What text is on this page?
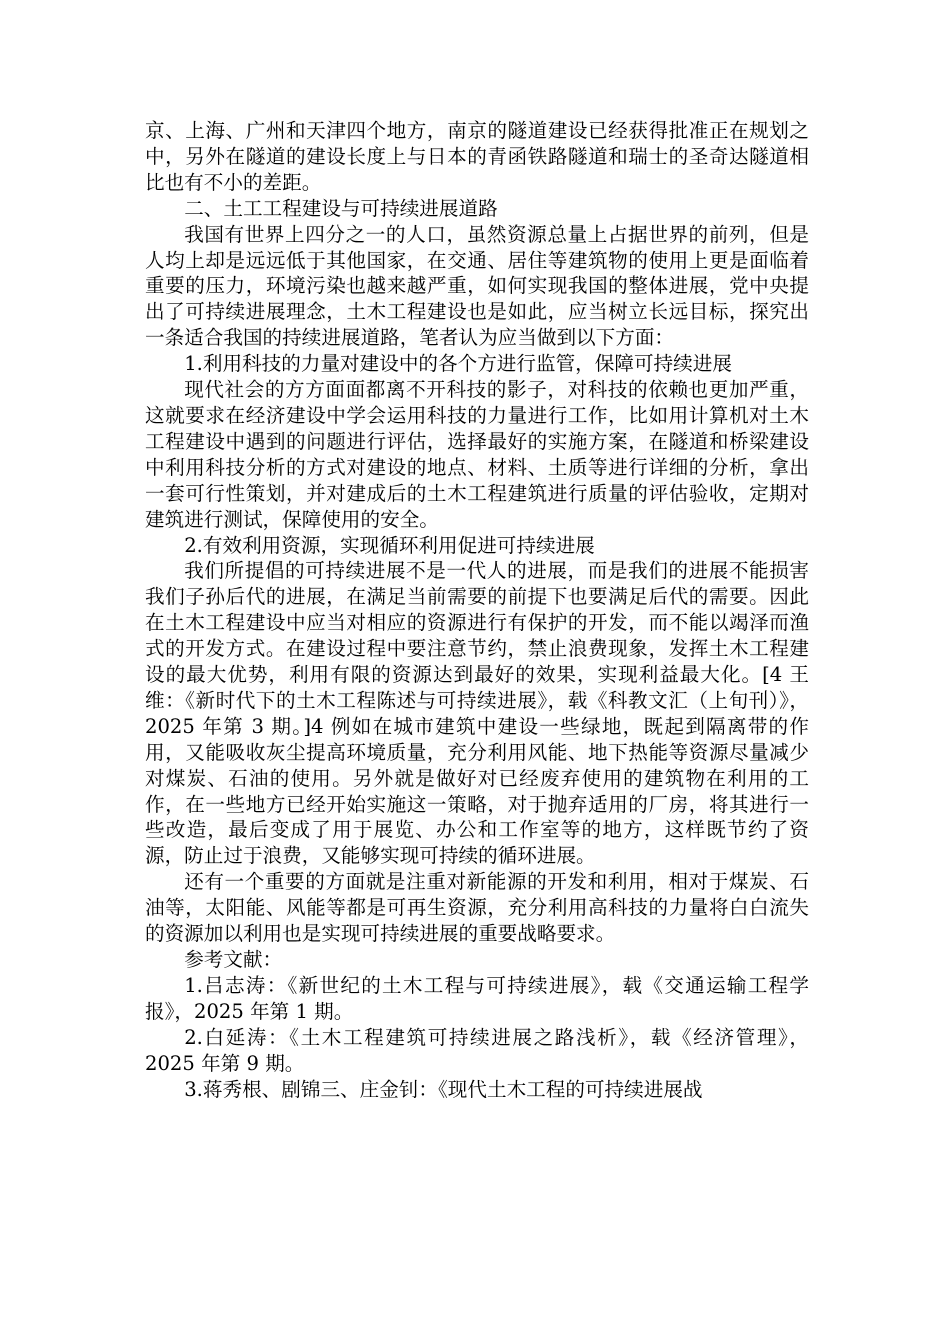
京、上海、广州和天津四个地方，南京的隧道建设已经获得批准正在规划之中，另外在隧道的建设长度上与日本的青函铁路隧道和瑞士的圣奇达隧道相比也有不小的差距。

二、土工工程建设与可持续进展道路

我国有世界上四分之一的人口，虽然资源总量上占据世界的前列，但是人均上却是远远低于其他国家，在交通、居住等建筑物的使用上更是面临着重要的压力，环境污染也越来越严重，如何实现我国的整体进展，党中央提出了可持续进展理念，土木工程建设也是如此，应当树立长远目标，探究出一条适合我国的持续进展道路，笔者认为应当做到以下方面：

1.利用科技的力量对建设中的各个方进行监管，保障可持续进展

现代社会的方方面面都离不开科技的影子，对科技的依赖也更加严重，这就要求在经济建设中学会运用科技的力量进行工作，比如用计算机对土木工程建设中遇到的问题进行评估，选择最好的实施方案，在隧道和桥梁建设中利用科技分析的方式对建设的地点、材料、土质等进行详细的分析，拿出一套可行性策划，并对建成后的土木工程建筑进行质量的评估验收，定期对建筑进行测试，保障使用的安全。

2.有效利用资源，实现循环利用促进可持续进展

我们所提倡的可持续进展不是一代人的进展，而是我们的进展不能损害我们子孙后代的进展，在满足当前需要的前提下也要满足后代的需要。因此在土木工程建设中应当对相应的资源进行有保护的开发，而不能以竭泽而渔式的开发方式。在建设过程中要注意节约，禁止浪费现象，发挥土木工程建设的最大优势，利用有限的资源达到最好的效果，实现利益最大化。[4 王维：《新时代下的土木工程陈述与可持续进展》，载《科教文汇（上旬刊）》，2025 年第 3 期。]4 例如在城市建筑中建设一些绿地，既起到隔离带的作用，又能吸收灰尘提高环境质量，充分利用风能、地下热能等资源尽量减少对煤炭、石油的使用。另外就是做好对已经废弃使用的建筑物在利用的工作，在一些地方已经开始实施这一策略，对于抛弃适用的厂房，将其进行一些改造，最后变成了用于展览、办公和工作室等的地方，这样既节约了资源，防止过于浪费，又能够实现可持续的循环进展。

还有一个重要的方面就是注重对新能源的开发和利用，相对于煤炭、石油等，太阳能、风能等都是可再生资源，充分利用高科技的力量将白白流失的资源加以利用也是实现可持续进展的重要战略要求。

参考文献：

1.吕志涛：《新世纪的土木工程与可持续进展》，载《交通运输工程学报》，2025 年第 1 期。

2.白延涛：《土木工程建筑可持续进展之路浅析》，载《经济管理》，2025 年第 9 期。

3.蒋秀根、剧锦三、庄金钊：《现代土木工程的可持续进展战
